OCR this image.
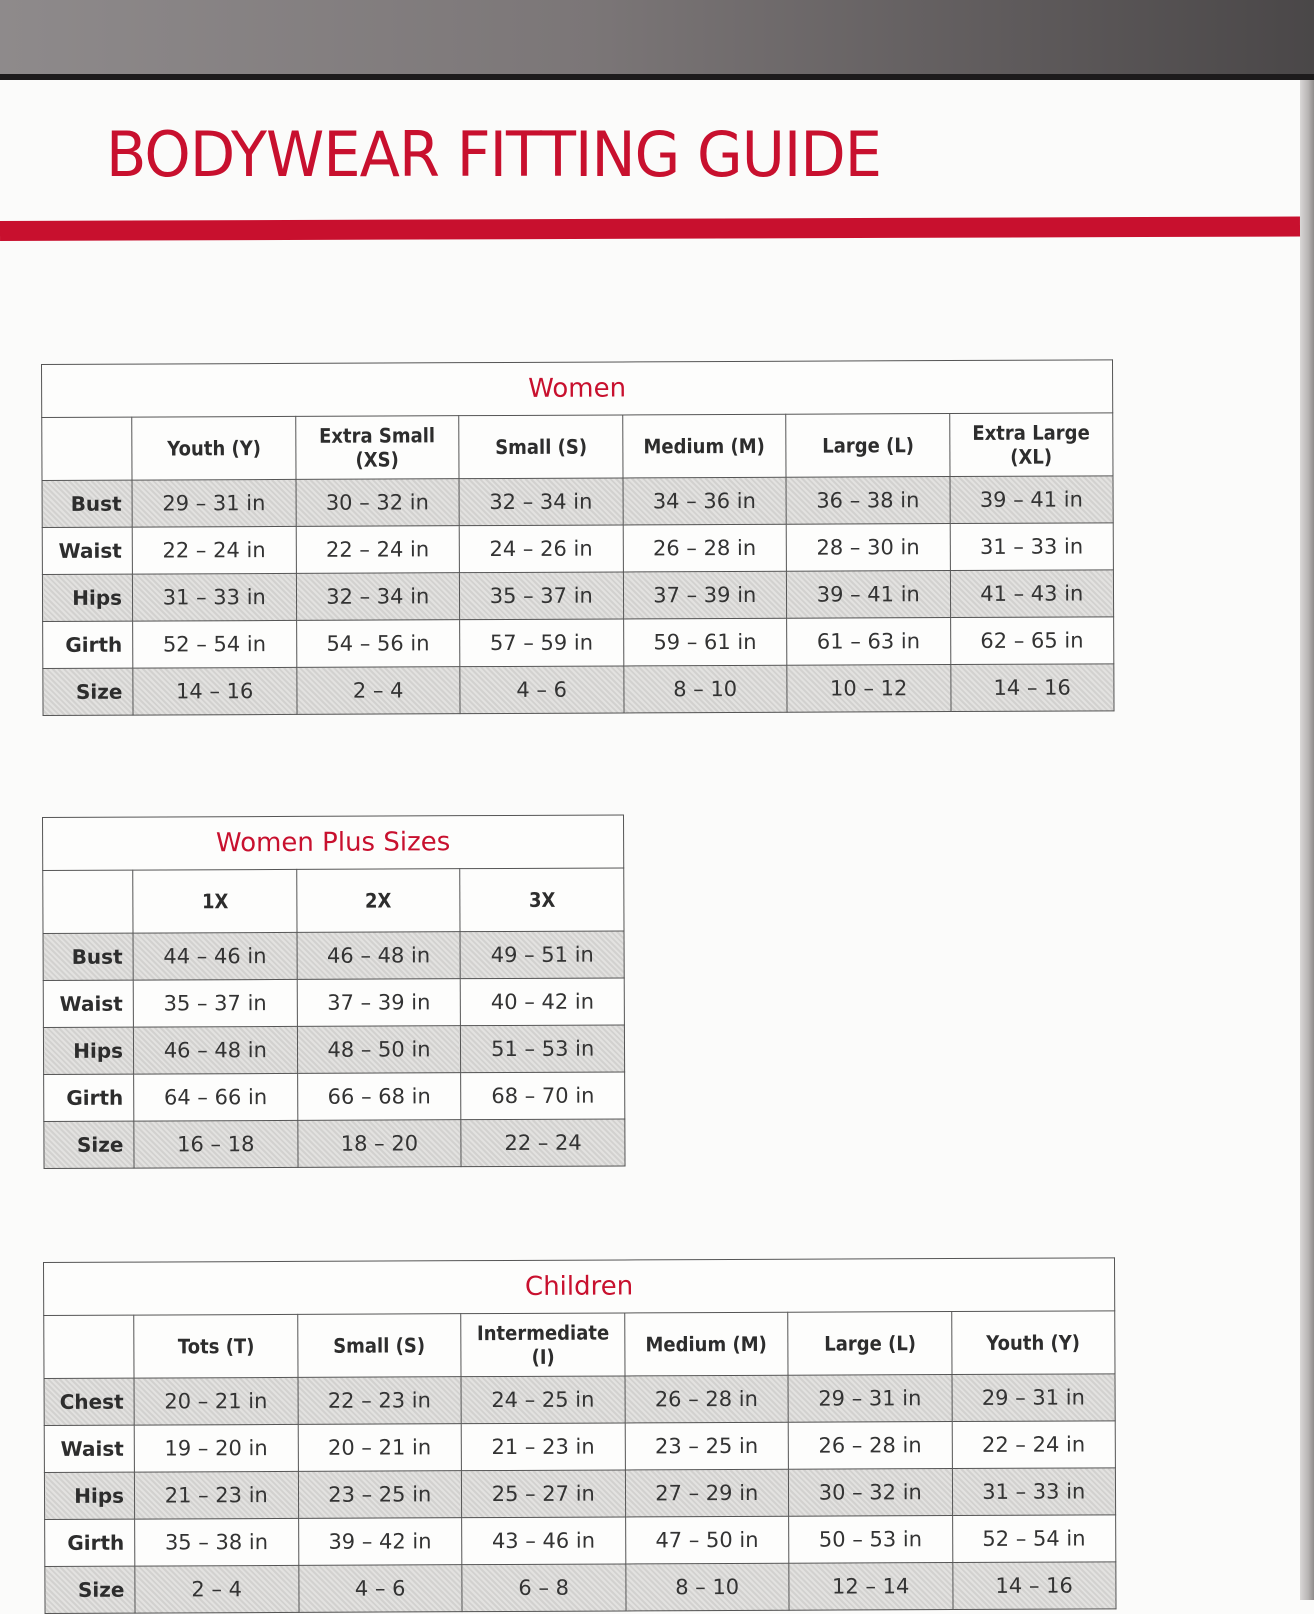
BODYWEAR FITTING GUIDE
Women						
	Youth (Y)	Extra Small (XS)	Small (S)	Medium (M)	Large (L)	Extra Large (XL)
Bust	29 – 31 in	30 – 32 in	32 – 34 in	34 – 36 in	36 – 38 in	39 – 41 in
Waist	22 – 24 in	22 – 24 in	24 – 26 in	26 – 28 in	28 – 30 in	31 – 33 in
Hips	31 – 33 in	32 – 34 in	35 – 37 in	37 – 39 in	39 – 41 in	41 – 43 in
Girth	52 – 54 in	54 – 56 in	57 – 59 in	59 – 61 in	61 – 63 in	62 – 65 in
Size	14 – 16	2 – 4	4 – 6	8 – 10	10 – 12	14 – 16
Women Plus Sizes			
	1X	2X	3X
Bust	44 – 46 in	46 – 48 in	49 – 51 in
Waist	35 – 37 in	37 – 39 in	40 – 42 in
Hips	46 – 48 in	48 – 50 in	51 – 53 in
Girth	64 – 66 in	66 – 68 in	68 – 70 in
Size	16 – 18	18 – 20	22 – 24
Children						
	Tots (T)	Small (S)	Intermediate (I)	Medium (M)	Large (L)	Youth (Y)
Chest	20 – 21 in	22 – 23 in	24 – 25 in	26 – 28 in	29 – 31 in	29 – 31 in
Waist	19 – 20 in	20 – 21 in	21 – 23 in	23 – 25 in	26 – 28 in	22 – 24 in
Hips	21 – 23 in	23 – 25 in	25 – 27 in	27 – 29 in	30 – 32 in	31 – 33 in
Girth	35 – 38 in	39 – 42 in	43 – 46 in	47 – 50 in	50 – 53 in	52 – 54 in
Size	2 – 4	4 – 6	6 – 8	8 – 10	12 – 14	14 – 16
